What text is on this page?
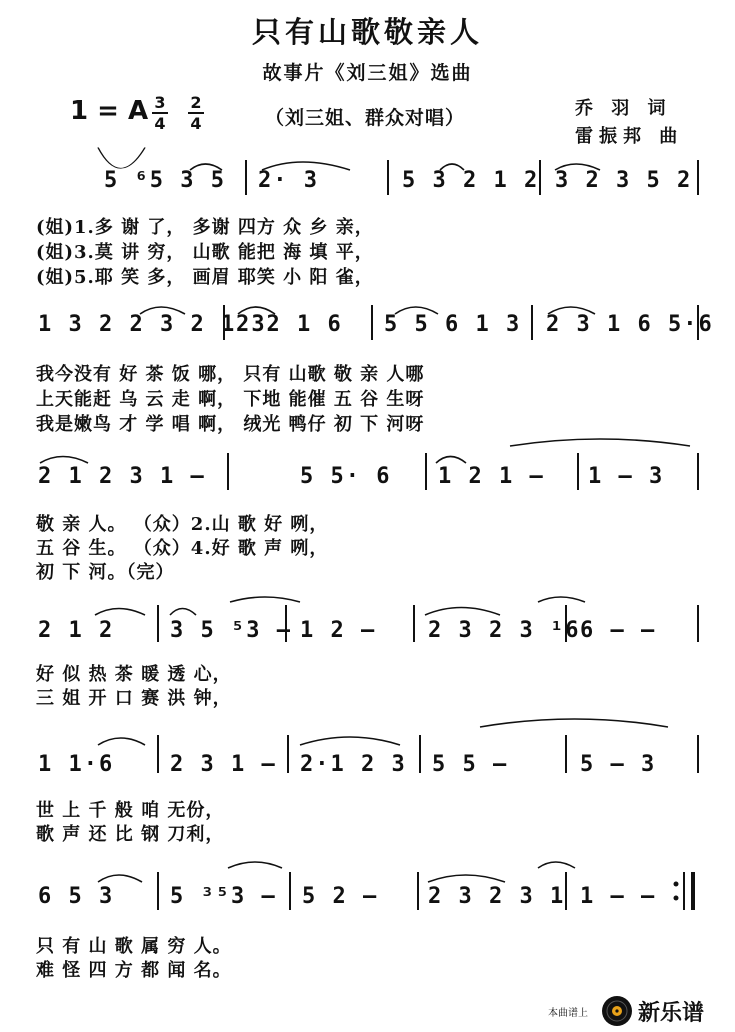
只有山歌敬亲人
故事片《刘三姐》选曲
1 = A 3
4
2
4	（刘三姐、群众对唱）	乔 羽 词
雷振邦 曲
5 ⁶5 3 5 2· 3	5 3 2 1 2 3 2 3 5 2
(姐)1.多 谢 了， 多谢 四方 众 乡 亲，
(姐)3.莫 讲 穷， 山歌 能把 海 填 平，
(姐)5.耶 笑 多， 画眉 耶笑 小 阳 雀，
1 3 2 2 3 2 1 3
2 2 1 6 5 5 6 1 3 2 3 1 6 5·6
我今没有 好 茶 饭 哪， 只有 山歌 敬 亲 人哪
上天能赶 乌 云 走 啊， 下地 能催 五 谷 生呀
我是嫩鸟 才 学 唱 啊， 绒光 鸭仔 初 下 河呀
2 1 2 3 1 —	5 5· 6 1 2 1 — 1 — 3
敬 亲 人。 （众）2.山 歌 好 咧，
五 谷 生。 （众）4.好 歌 声 咧，
初 下 河。（完）
2 1 2	3 5 ⁵3 — 1 2 — 2 3 2 3 ¹6 6 — —
好 似 热 茶 暖 透 心，
三 姐 开 口 赛 洪 钟，
1 1·6	2 3 1 — 2·1 2 3 5 5 —	5 — 3
世 上 千 般 咱 无份，
歌 声 还 比 钢 刀利，
6 5 3	5 ³⁵3 — 5 2 — 2 3 2 3 1 1 — —
只 有 山 歌 属 穷 人。
难 怪 四 方 都 闻 名。
本曲谱上 新乐谱
